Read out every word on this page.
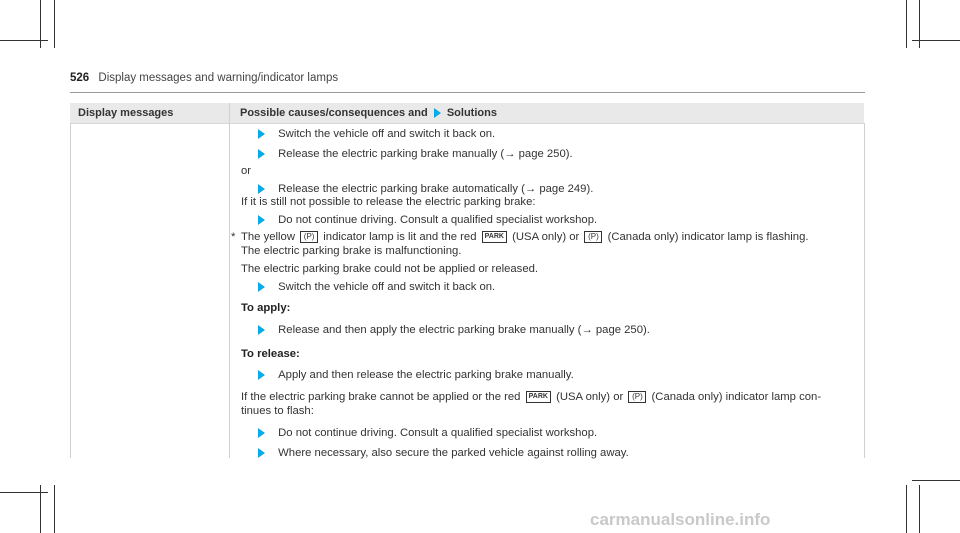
526 Display messages and warning/indicator lamps
Display messages	Possible causes/consequences and Solutions
Switch the vehicle off and switch it back on.
Release the electric parking brake manually (→ page 250).
or
Release the electric parking brake automatically (→ page 249).
If it is still not possible to release the electric parking brake:
Do not continue driving. Consult a qualified specialist workshop.
* The yellow (P) indicator lamp is lit and the red PARK (USA only) or (P) (Canada only) indicator lamp is flashing.
The electric parking brake is malfunctioning.
The electric parking brake could not be applied or released.
Switch the vehicle off and switch it back on.
To apply:
Release and then apply the electric parking brake manually (→ page 250).
To release:
Apply and then release the electric parking brake manually.
If the electric parking brake cannot be applied or the red PARK (USA only) or (P) (Canada only) indicator lamp con-
tinues to flash:
Do not continue driving. Consult a qualified specialist workshop.
Where necessary, also secure the parked vehicle against rolling away.
carmanualsonline.info
